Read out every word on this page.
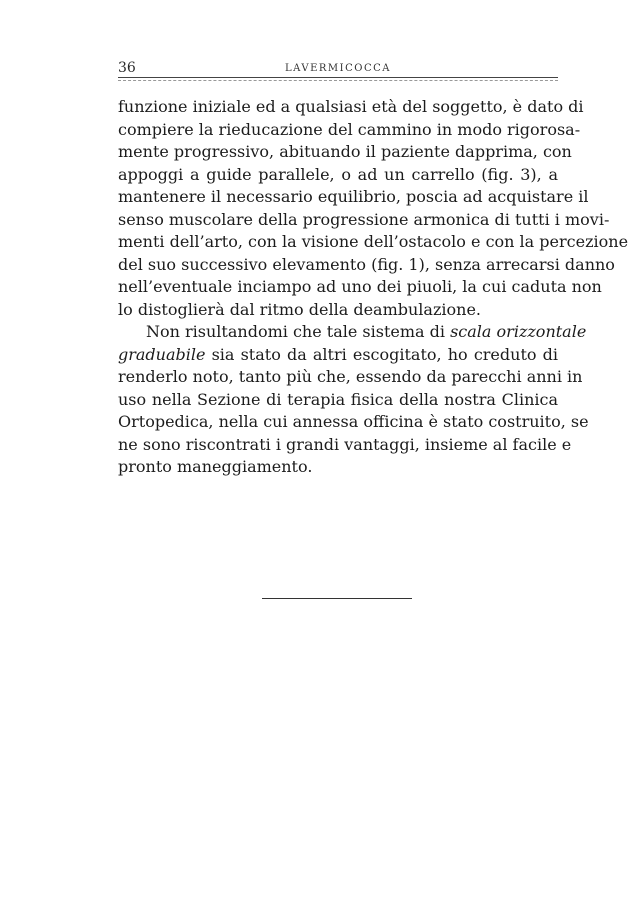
36	LAVERMICOCCA
funzione iniziale ed a qualsiasi età del soggetto, è dato di
compiere la rieducazione del cammino in modo rigorosa-
mente progressivo, abituando il paziente dapprima, con
appoggi a guide parallele, o ad un carrello (fig. 3), a
mantenere il necessario equilibrio, poscia ad acquistare il
senso muscolare della progressione armonica di tutti i movi-
menti dell’arto, con la visione dell’ostacolo e con la percezione
del suo successivo elevamento (fig. 1), senza arrecarsi danno
nell’eventuale inciampo ad uno dei piuoli, la cui caduta non
lo distoglierà dal ritmo della deambulazione.
Non risultandomi che tale sistema di scala orizzontale
graduabile sia stato da altri escogitato, ho creduto di
renderlo noto, tanto più che, essendo da parecchi anni in
uso nella Sezione di terapia fisica della nostra Clinica
Ortopedica, nella cui annessa officina è stato costruito, se
ne sono riscontrati i grandi vantaggi, insieme al facile e
pronto maneggiamento.
